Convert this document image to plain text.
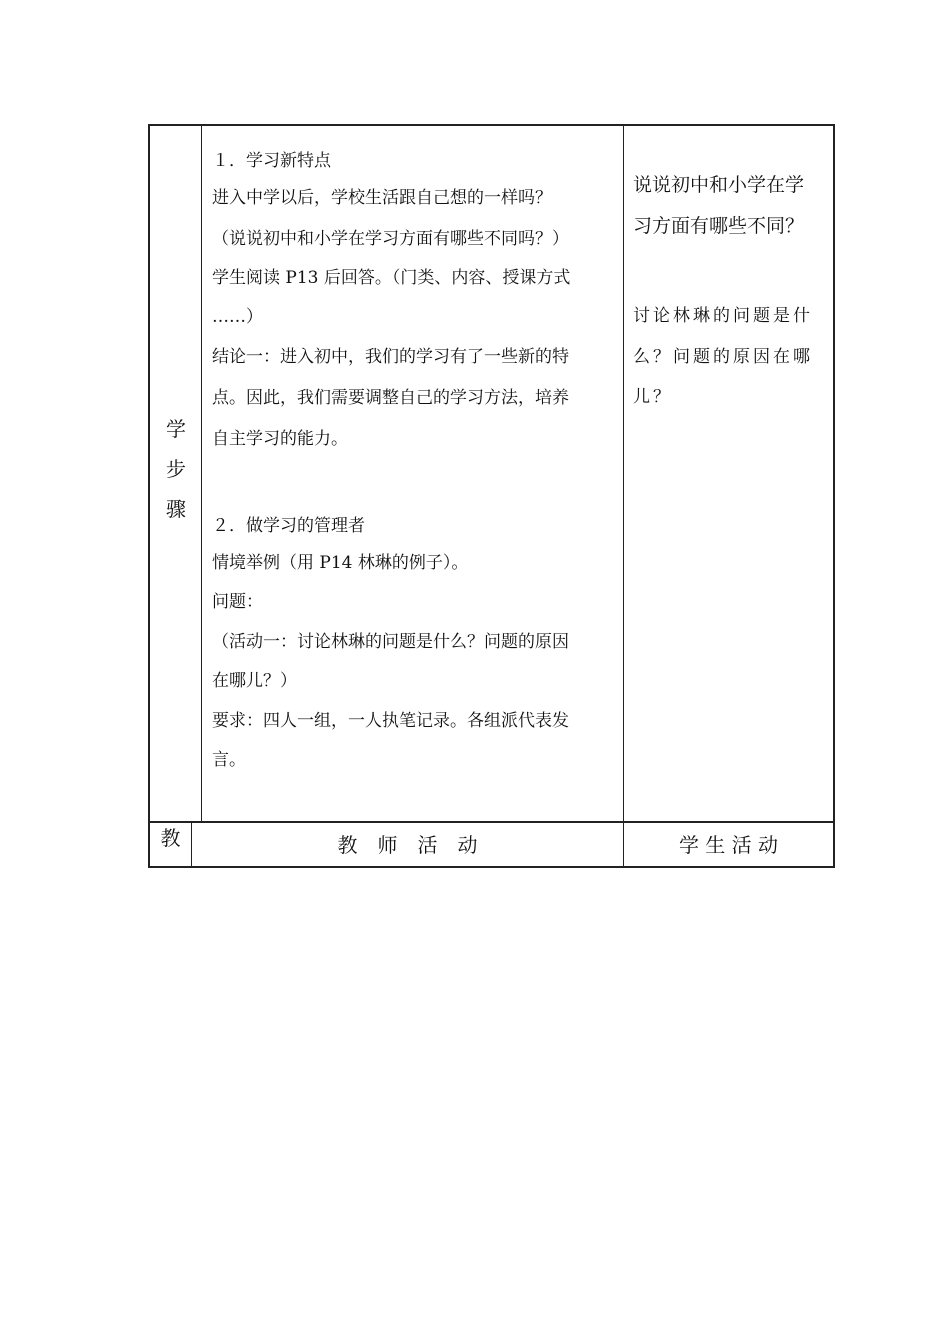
学
步
骤
１．学习新特点
进入中学以后，学校生活跟自己想的一样吗？
（说说初中和小学在学习方面有哪些不同吗？）
学生阅读 P13 后回答。（门类、内容、授课方式
……）
结论一：进入初中，我们的学习有了一些新的特
点。因此，我们需要调整自己的学习方法，培养
自主学习的能力。
２．做学习的管理者
情境举例（用 P14 林琳的例子）。
问题：
（活动一：讨论林琳的问题是什么？问题的原因
在哪儿？）
要求：四人一组，一人执笔记录。各组派代表发
言。
说说初中和小学在学
习方面有哪些不同？
讨论林琳的问题是什
么？问题的原因在哪
儿？
教	教　师　活　动	学 生 活 动
